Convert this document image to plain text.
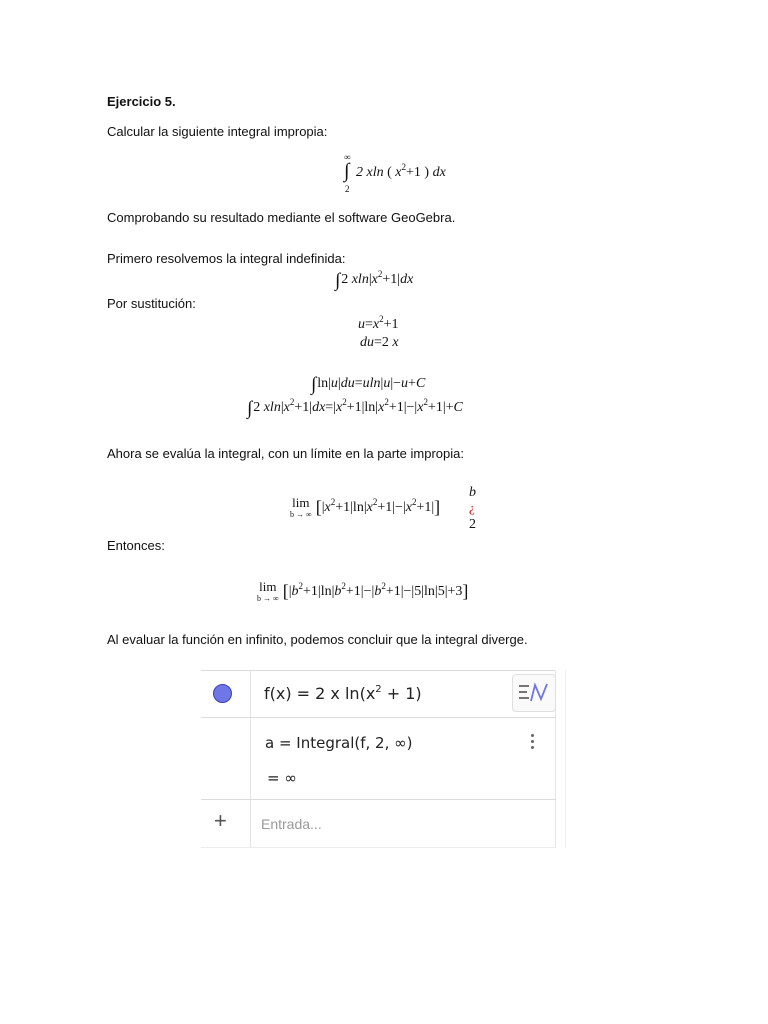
Ejercicio 5.
Calcular la siguiente integral impropia:
∞
∫
2
2 xln ( $x^2+1$ ) dx
Comprobando su resultado mediante el software GeoGebra.
Primero resolvemos la integral indefinida:
∫2 $xln|x^2+1|dx$
Por sustitución:
$u=x^2+1$
du=2 x
∫ln|u|du=uln|u|−u+C
∫2 $xln|x^2+1|dx=|x^2+1|\ln|x^2+1|-|x^2+1|+C$
Ahora se evalúa la integral, con un límite en la parte impropia:
lim
b → ∞ $[|x^2+1|\ln|x^2+1|-|x^2+1|]$
b
¿
2
Entonces:
lim
b → ∞ $[|b^2+1|\ln|b^2+1|-|b^2+1|-|5|\ln|5|+3]$
Al evaluar la función en infinito, podemos concluir que la integral diverge.
f(x) = 2 x $\ln(x^2 + 1)$
a = Integral(f, 2, ∞)
= ∞
+ Entrada...
